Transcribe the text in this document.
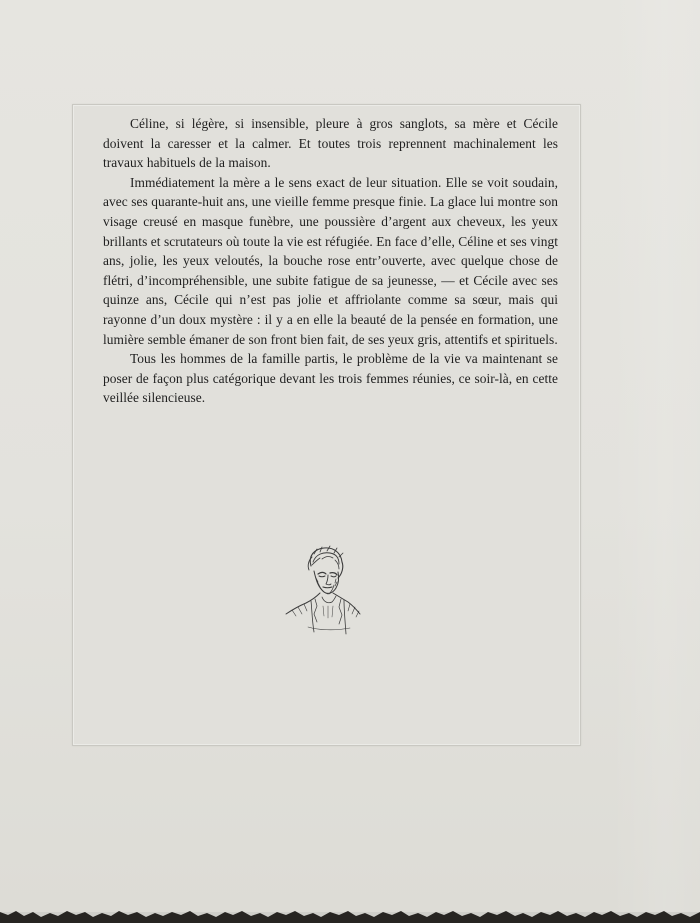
Céline, si légère, si insensible, pleure à gros sanglots, sa mère et Cécile doivent la caresser et la calmer. Et toutes trois reprennent machinalement les travaux habituels de la maison.

Immédiatement la mère a le sens exact de leur situation. Elle se voit soudain, avec ses quarante-huit ans, une vieille femme presque finie. La glace lui montre son visage creusé en masque funèbre, une poussière d’argent aux cheveux, les yeux brillants et scrutateurs où toute la vie est réfugiée. En face d’elle, Céline et ses vingt ans, jolie, les yeux veloutés, la bouche rose entr’ouverte, avec quelque chose de flétri, d’incompréhensible, une subite fatigue de sa jeunesse, — et Cécile avec ses quinze ans, Cécile qui n’est pas jolie et affriolante comme sa sœur, mais qui rayonne d’un doux mystère : il y a en elle la beauté de la pensée en formation, une lumière semble émaner de son front bien fait, de ses yeux gris, attentifs et spirituels.

Tous les hommes de la famille partis, le problème de la vie va maintenant se poser de façon plus catégorique devant les trois femmes réunies, ce soir-là, en cette veillée silencieuse.
